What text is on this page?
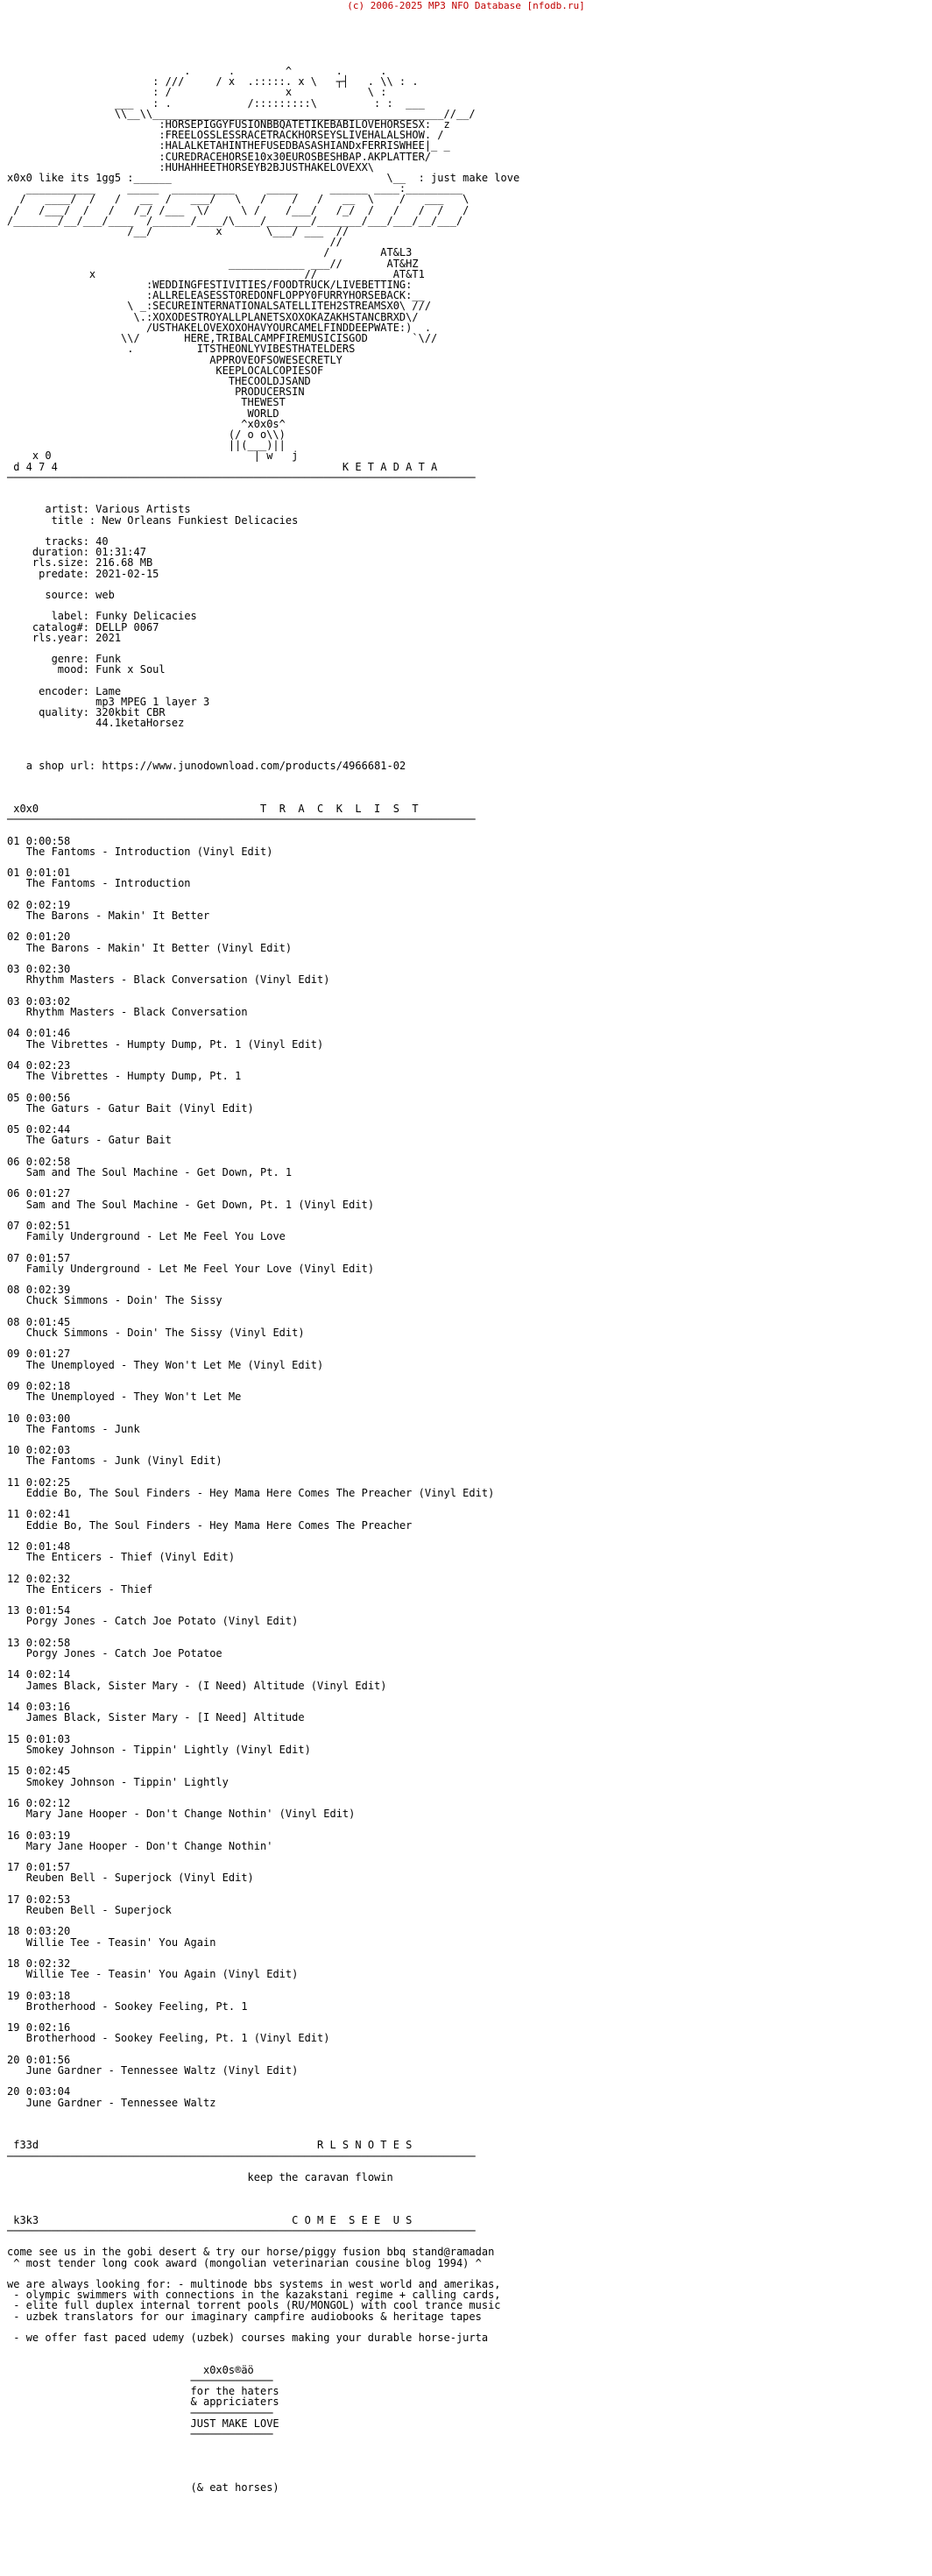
(c) 2006-2025 MP3 NFO Database [nfodb.ru]

.      .        ^       .      .
: ///     / x  .:::::. x \   ┬┤   . \\ : .
: /                  x            \ :
___   : .            /:::::::::\         : :  ___
\\__\\______________________________________________//__/
:HORSEPIGGYFUSIONBBQATETIKEBABILOVEHORSESX:  z
:FREELOSSLESSRACETRACKHORSEYSLIVEHALALSHOW. /
:HALALKETAHINTHEFUSEDBASASHIANDxFERRISWHEE|_ _
:CUREDRACEHORSE10x30EUROSBESHBAP.AKPLATTER/
:HUHAHHEETHORSEYB2BJUSTHAKELOVEXX\
x0x0 like its 1gg5 :______                                  \__  : just make love
___________     _____  __________     _____     ______ ____:_________
/   ____/  /   /   __  /   ___/   \   /    /   /   __  \    /   ___   \
/   /___/  /   /   /_/ /___  \/     \ /    /___/   /_/  /   /   /  /   /
/_______/__/___/____  /______/____/\____/_______/_______/___/___/__/___/
/__/          x       \___/ ___  //
//
/        AT&L3
____________ ___//       AT&HZ
x                                 //            AT&T1
:WEDDINGFESTIVITIES/FOODTRUCK/LIVEBETTING:
:ALLRELEASESSTOREDONFLOPPY0FURRYHORSEBACK:__
\ _:SECUREINTERNATIONALSATELLITEH2STREAMSX0\ ///
\.:XOXODESTROYALLPLANETSXOXOKAZAKHSTANCBRXD\/
/USTHAKELOVEXOXOHAVYOURCAMELFINDDEEPWATE:)  .
\\/       HERE,TRIBALCAMPFIREMUSICISGOD       `\//
.          ITSTHEONLYVIBESTHATELDERS
APPROVEOFSOWESECRETLY
KEEPLOCALCOPIESOF
THECOOLDJSAND
PRODUCERSIN
THEWEST
WORLD
^x0x0s^
(/ o o\\)
||(___)||
x 0                                | w   j
d 4 7 4	K E T A D A T A
──────────────────────────────────────────────────────────────────────────

artist: Various Artists
title : New Orleans Funkiest Delicacies

tracks: 40
duration: 01:31:47
rls.size: 216.68 MB
predate: 2021-02-15

source: web

label: Funky Delicacies
catalog#: DELLP 0067
rls.year: 2021

genre: Funk
mood: Funk x Soul

encoder: Lame
mp3 MPEG 1 layer 3
quality: 320kbit CBR
44.1ketaHorsez

a shop url: https://www.junodownload.com/products/4966681-02

x0x0	T  R  A  C  K  L  I  S  T
──────────────────────────────────────────────────────────────────────────

01 0:00:58
The Fantoms - Introduction (Vinyl Edit)

01 0:01:01
The Fantoms - Introduction

02 0:02:19
The Barons - Makin' It Better

02 0:01:20
The Barons - Makin' It Better (Vinyl Edit)

03 0:02:30
Rhythm Masters - Black Conversation (Vinyl Edit)

03 0:03:02
Rhythm Masters - Black Conversation

04 0:01:46
The Vibrettes - Humpty Dump, Pt. 1 (Vinyl Edit)

04 0:02:23
The Vibrettes - Humpty Dump, Pt. 1

05 0:00:56
The Gaturs - Gatur Bait (Vinyl Edit)

05 0:02:44
The Gaturs - Gatur Bait

06 0:02:58
Sam and The Soul Machine - Get Down, Pt. 1

06 0:01:27
Sam and The Soul Machine - Get Down, Pt. 1 (Vinyl Edit)

07 0:02:51
Family Underground - Let Me Feel You Love

07 0:01:57
Family Underground - Let Me Feel Your Love (Vinyl Edit)

08 0:02:39
Chuck Simmons - Doin' The Sissy

08 0:01:45
Chuck Simmons - Doin' The Sissy (Vinyl Edit)

09 0:01:27
The Unemployed - They Won't Let Me (Vinyl Edit)

09 0:02:18
The Unemployed - They Won't Let Me

10 0:03:00
The Fantoms - Junk

10 0:02:03
The Fantoms - Junk (Vinyl Edit)

11 0:02:25
Eddie Bo, The Soul Finders - Hey Mama Here Comes The Preacher (Vinyl Edit)

11 0:02:41
Eddie Bo, The Soul Finders - Hey Mama Here Comes The Preacher

12 0:01:48
The Enticers - Thief (Vinyl Edit)

12 0:02:32
The Enticers - Thief

13 0:01:54
Porgy Jones - Catch Joe Potato (Vinyl Edit)

13 0:02:58
Porgy Jones - Catch Joe Potatoe

14 0:02:14
James Black, Sister Mary - (I Need) Altitude (Vinyl Edit)

14 0:03:16
James Black, Sister Mary - [I Need] Altitude

15 0:01:03
Smokey Johnson - Tippin' Lightly (Vinyl Edit)

15 0:02:45
Smokey Johnson - Tippin' Lightly

16 0:02:12
Mary Jane Hooper - Don't Change Nothin' (Vinyl Edit)

16 0:03:19
Mary Jane Hooper - Don't Change Nothin'

17 0:01:57
Reuben Bell - Superjock (Vinyl Edit)

17 0:02:53
Reuben Bell - Superjock

18 0:03:20
Willie Tee - Teasin' You Again

18 0:02:32
Willie Tee - Teasin' You Again (Vinyl Edit)

19 0:03:18
Brotherhood - Sookey Feeling, Pt. 1

19 0:02:16
Brotherhood - Sookey Feeling, Pt. 1 (Vinyl Edit)

20 0:01:56
June Gardner - Tennessee Waltz (Vinyl Edit)

20 0:03:04
June Gardner - Tennessee Waltz

f33d	R L S N O T E S
──────────────────────────────────────────────────────────────────────────

keep the caravan flowin

k3k3	C O M E  S E E  U S
──────────────────────────────────────────────────────────────────────────

come see us in the gobi desert & try our horse/piggy fusion bbq stand@ramadan
^ most tender long cook award (mongolian veterinarian cousine blog 1994) ^

we are always looking for: - multinode bbs systems in west world and amerikas,
- olympic swimmers with connections in the kazakstani regime + calling cards,
- elite full duplex internal torrent pools (RU/MONGOL) with cool trance music
- uzbek translators for our imaginary campfire audiobooks & heritage tapes

- we offer fast paced udemy (uzbek) courses making your durable horse-jurta

x0x0s®äö
─────────────
for the haters
& appriciaters
─────────────
JUST MAKE LOVE
─────────────

(& eat horses)
